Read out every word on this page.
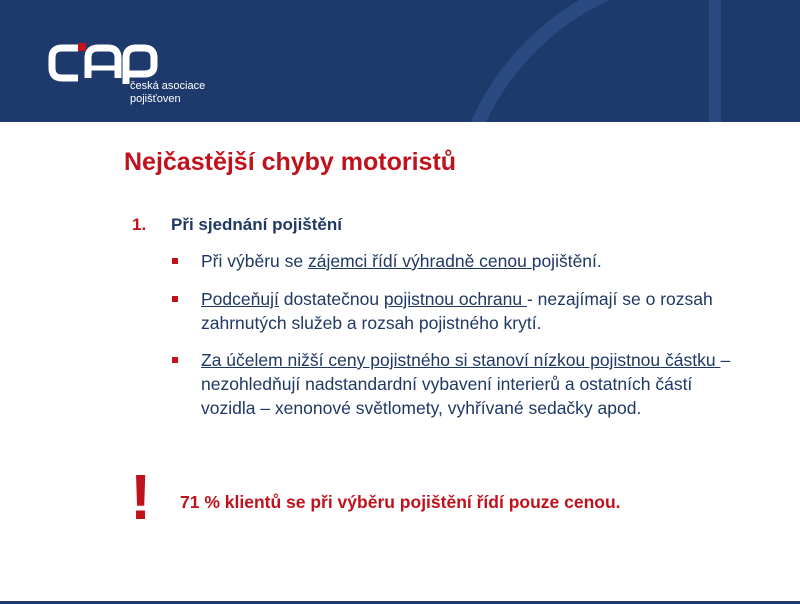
česká asociace
pojišťoven
Nejčastější chyby motoristů
1. Při sjednání pojištění
Při výběru se zájemci řídí výhradně cenou pojištění.
Podceňují dostatečnou pojistnou ochranu - nezajímají se o rozsah zahrnutých služeb a rozsah pojistného krytí.
Za účelem nižší ceny pojistného si stanoví nízkou pojistnou částku – nezohledňují nadstandardní vybavení interierů a ostatních částí vozidla – xenonové světlomety, vyhřívané sedačky apod.
! 71 % klientů se při výběru pojištění řídí pouze cenou.
